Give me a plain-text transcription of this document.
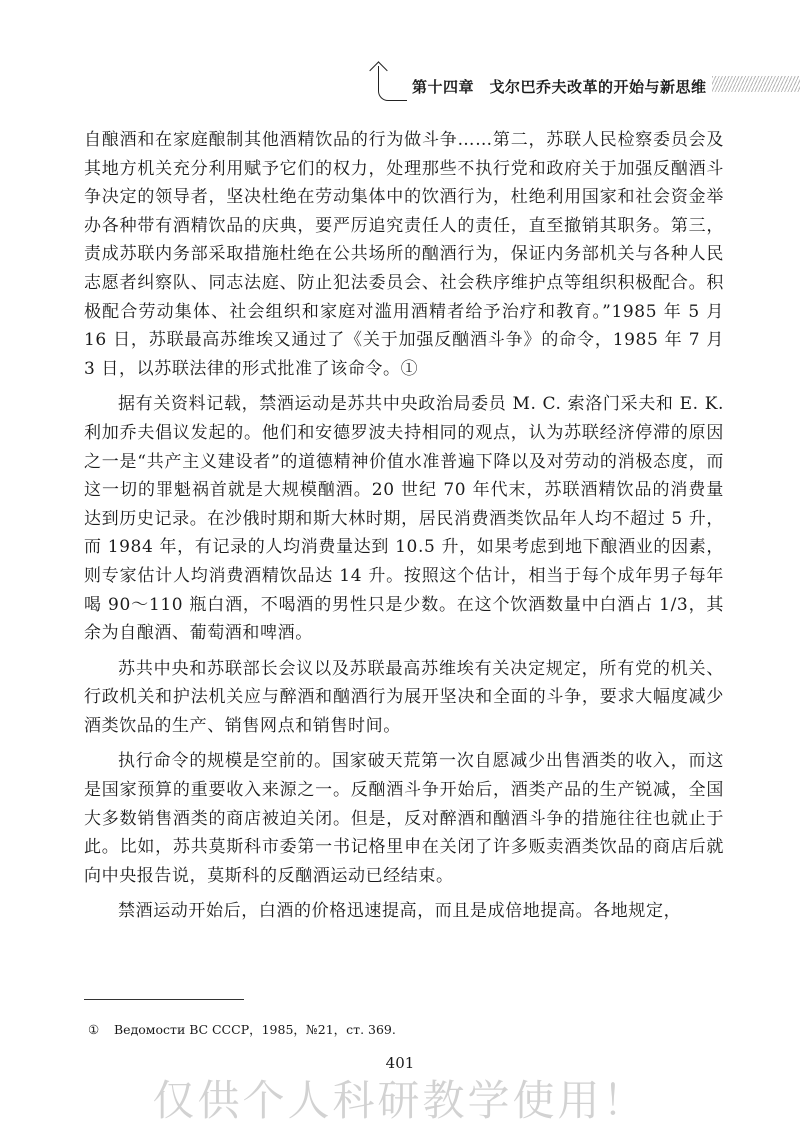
第十四章　戈尔巴乔夫改革的开始与新思维

自酿酒和在家庭酿制其他酒精饮品的行为做斗争……第二，苏联人民检察委员会及其地方机关充分利用赋予它们的权力，处理那些不执行党和政府关于加强反酗酒斗争决定的领导者，坚决杜绝在劳动集体中的饮酒行为，杜绝利用国家和社会资金举办各种带有酒精饮品的庆典，要严厉追究责任人的责任，直至撤销其职务。第三，责成苏联内务部采取措施杜绝在公共场所的酗酒行为，保证内务部机关与各种人民志愿者纠察队、同志法庭、防止犯法委员会、社会秩序维护点等组织积极配合。积极配合劳动集体、社会组织和家庭对滥用酒精者给予治疗和教育。”1985 年 5 月 16 日，苏联最高苏维埃又通过了《关于加强反酗酒斗争》的命令，1985 年 7 月 3 日，以苏联法律的形式批准了该命令。①

据有关资料记载，禁酒运动是苏共中央政治局委员 M. C. 索洛门采夫和 E. K. 利加乔夫倡议发起的。他们和安德罗波夫持相同的观点，认为苏联经济停滞的原因之一是“共产主义建设者”的道德精神价值水准普遍下降以及对劳动的消极态度，而这一切的罪魁祸首就是大规模酗酒。20 世纪 70 年代末，苏联酒精饮品的消费量达到历史记录。在沙俄时期和斯大林时期，居民消费酒类饮品年人均不超过 5 升，而 1984 年，有记录的人均消费量达到 10.5 升，如果考虑到地下酿酒业的因素，则专家估计人均消费酒精饮品达 14 升。按照这个估计，相当于每个成年男子每年喝 90～110 瓶白酒，不喝酒的男性只是少数。在这个饮酒数量中白酒占 1/3，其余为自酿酒、葡萄酒和啤酒。

苏共中央和苏联部长会议以及苏联最高苏维埃有关决定规定，所有党的机关、行政机关和护法机关应与醉酒和酗酒行为展开坚决和全面的斗争，要求大幅度减少酒类饮品的生产、销售网点和销售时间。

执行命令的规模是空前的。国家破天荒第一次自愿减少出售酒类的收入，而这是国家预算的重要收入来源之一。反酗酒斗争开始后，酒类产品的生产锐减，全国大多数销售酒类的商店被迫关闭。但是，反对醉酒和酗酒斗争的措施往往也就止于此。比如，苏共莫斯科市委第一书记格里申在关闭了许多贩卖酒类饮品的商店后就向中央报告说，莫斯科的反酗酒运动已经结束。

禁酒运动开始后，白酒的价格迅速提高，而且是成倍地提高。各地规定，

① Ведомости ВС СССР，1985，№21，ст. 369.
401
仅供个人科研教学使用！
